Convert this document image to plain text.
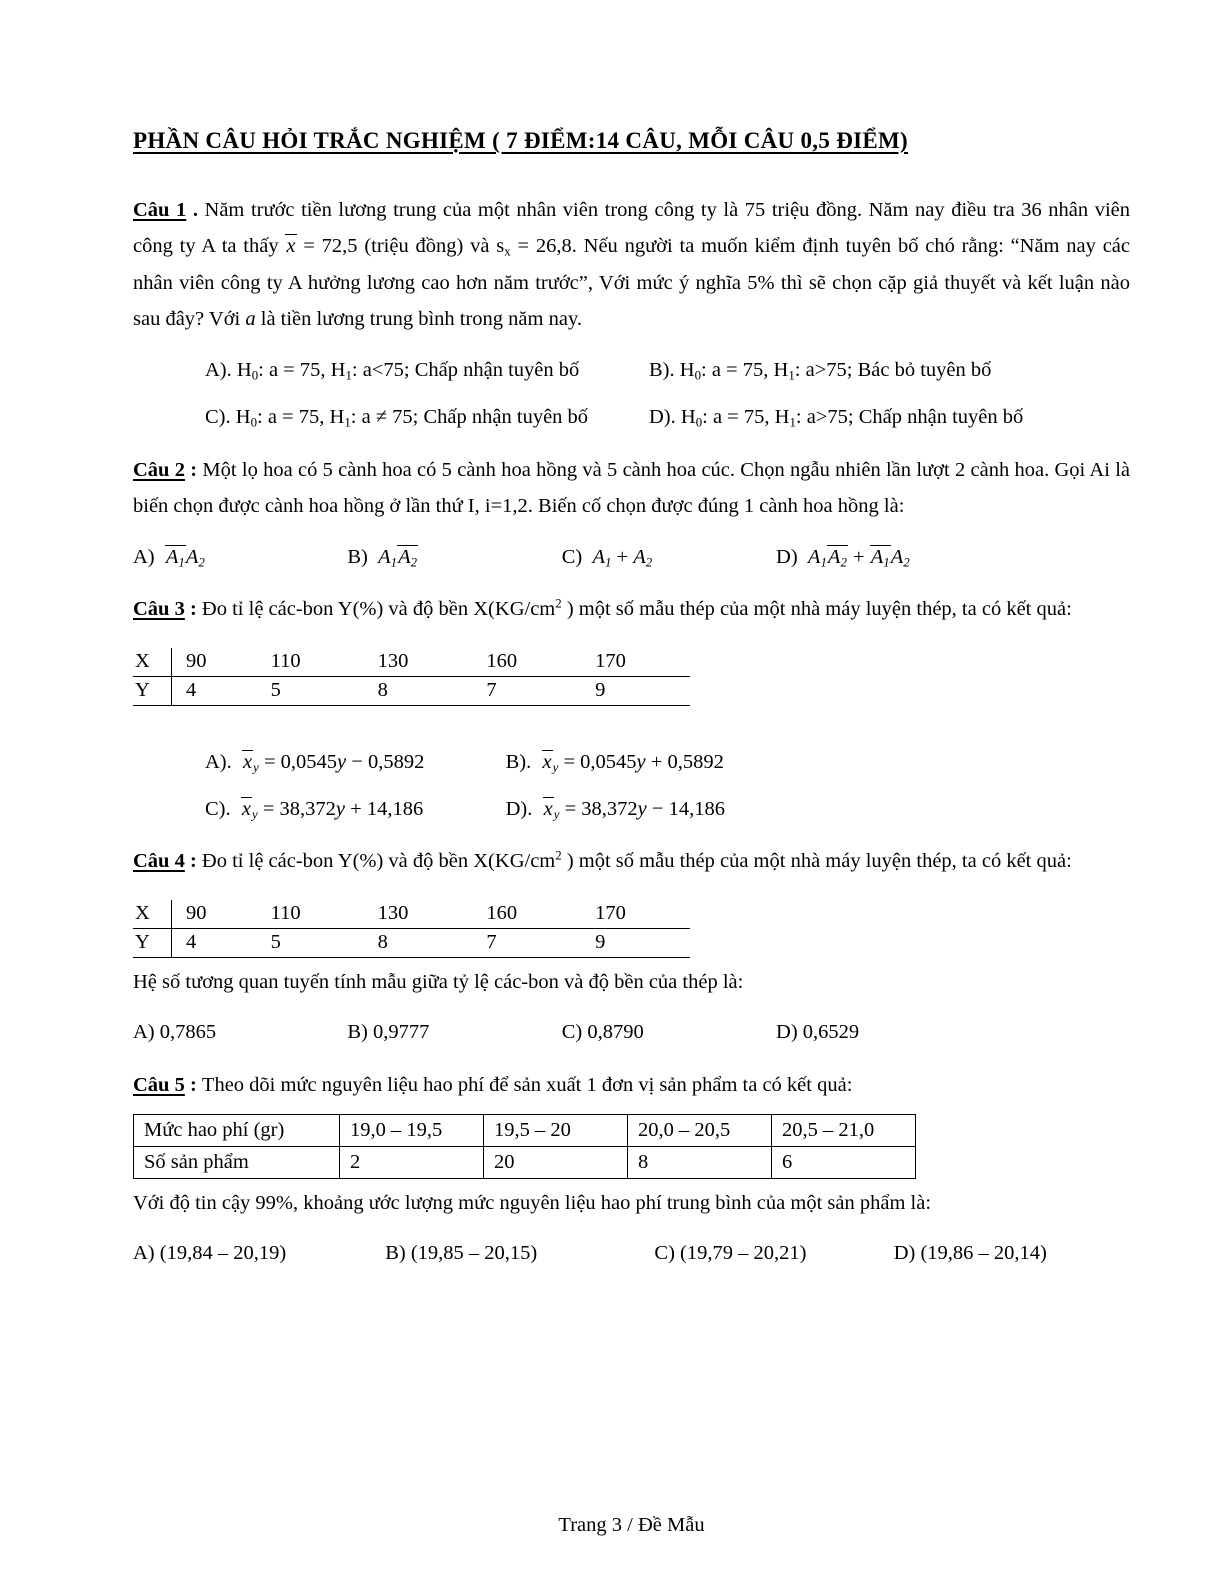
PHẦN CÂU HỎI TRẮC NGHIỆM ( 7 ĐIỂM:14 CÂU, MỖI CÂU 0,5 ĐIỂM)

Câu 1 . Năm trước tiền lương trung của một nhân viên trong công ty là 75 triệu đồng. Năm nay điều tra 36 nhân viên công ty A ta thấy x = 72,5 (triệu đồng) và $s_x = 26,8$. Nếu người ta muốn kiểm định tuyên bố chó rằng: “Năm nay các nhân viên công ty A hưởng lương cao hơn năm trước”, Với mức ý nghĩa 5% thì sẽ chọn cặp giả thuyết và kết luận nào sau đây? Với a là tiền lương trung bình trong năm nay.

A). $H_0$: a = 75, $H_1$: a<75; Chấp nhận tuyên bố	B). $H_0$: a = 75, $H_1$: a>75; Bác bỏ tuyên bố
C). $H_0$: a = 75, $H_1$: a ≠ 75; Chấp nhận tuyên bố	D). $H_0$: a = 75, $H_1$: a>75; Chấp nhận tuyên bố

Câu 2 : Một lọ hoa có 5 cành hoa có 5 cành hoa hồng và 5 cành hoa cúc. Chọn ngẫu nhiên lần lượt 2 cành hoa. Gọi Ai là biến chọn được cành hoa hồng ở lần thứ I, i=1,2. Biến cố chọn được đúng 1 cành hoa hồng là:

A)  $A_1A_2$	B)  $A_1A_2$	C)  $A_1 + A_2$	D)  $A_1A_2 + A_1A_2$

Câu 3 : Đo tỉ lệ các-bon Y(%) và độ bền $X(KG/cm^2$ ) một số mẫu thép của một nhà máy luyện thép, ta có kết quả:

X	90	110	130	160	170
Y	4	5	8	7	9
A).  $x_y = 0,0545y - 0,5892$	B).  $x_y = 0,0545y + 0,5892$
C).  $x_y = 38,372y + 14,186$	D).  $x_y = 38,372y - 14,186$

Câu 4 : Đo tỉ lệ các-bon Y(%) và độ bền $X(KG/cm^2$ ) một số mẫu thép của một nhà máy luyện thép, ta có kết quả:

X	90	110	130	160	170
Y	4	5	8	7	9

Hệ số tương quan tuyến tính mẫu giữa tỷ lệ các-bon và độ bền của thép là:

A) 0,7865	B) 0,9777	C) 0,8790	D) 0,6529

Câu 5 : Theo dõi mức nguyên liệu hao phí để sản xuất 1 đơn vị sản phẩm ta có kết quả:

Mức hao phí (gr)	19,0 – 19,5	19,5 – 20	20,0 – 20,5	20,5 – 21,0
Số sản phẩm	2	20	8	6

Với độ tin cậy 99%, khoảng ước lượng mức nguyên liệu hao phí trung bình của một sản phẩm là:

A) (19,84 – 20,19)	B) (19,85 – 20,15)	C) (19,79 – 20,21)	D) (19,86 – 20,14)
Trang 3 / Đề Mẫu
